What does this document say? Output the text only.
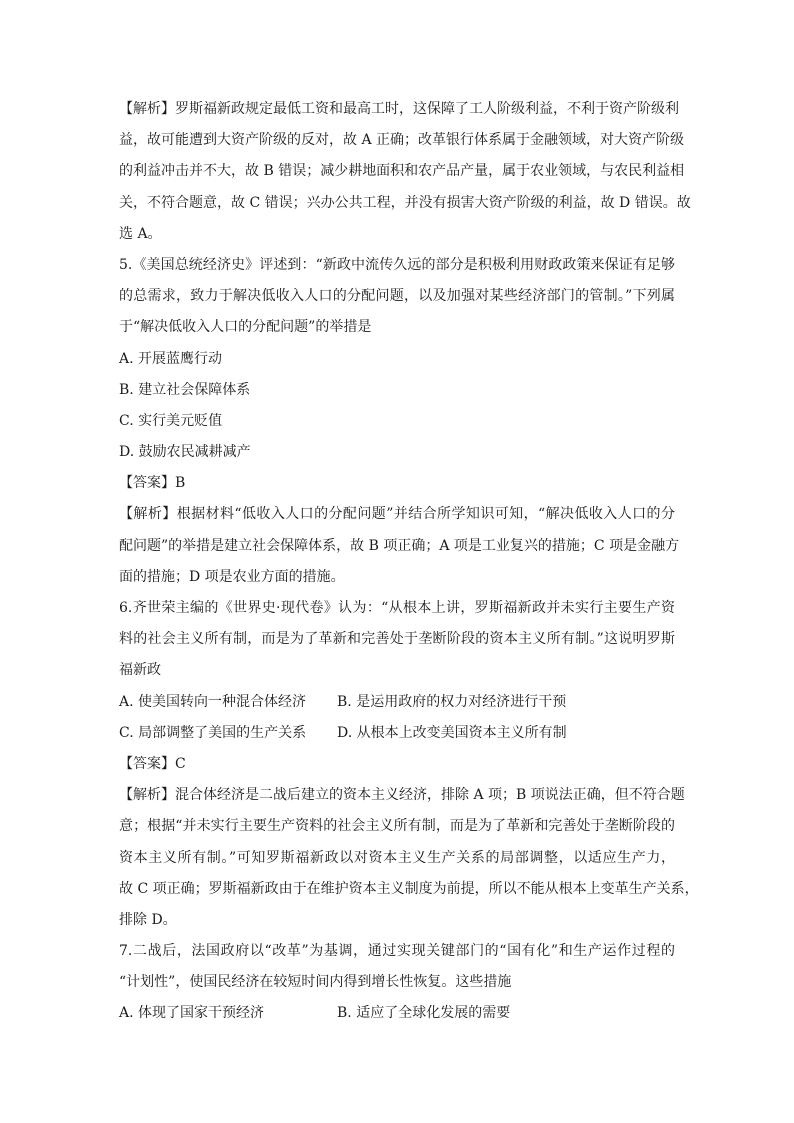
【解析】罗斯福新政规定最低工资和最高工时，这保障了工人阶级利益，不利于资产阶级利
益，故可能遭到大资产阶级的反对，故 A 正确；改革银行体系属于金融领域，对大资产阶级
的利益冲击并不大，故 B 错误；减少耕地面积和农产品产量，属于农业领域，与农民利益相
关，不符合题意，故 C 错误；兴办公共工程，并没有损害大资产阶级的利益，故 D 错误。故
选 A。
5.《美国总统经济史》评述到：“新政中流传久远的部分是积极利用财政政策来保证有足够
的总需求，致力于解决低收入人口的分配问题，以及加强对某些经济部门的管制。”下列属
于“解决低收入人口的分配问题”的举措是
A. 开展蓝鹰行动
B. 建立社会保障体系
C. 实行美元贬值
D. 鼓励农民减耕减产
【答案】B
【解析】根据材料“低收入人口的分配问题”并结合所学知识可知，“解决低收入人口的分
配问题”的举措是建立社会保障体系，故 B 项正确；A 项是工业复兴的措施；C 项是金融方
面的措施；D 项是农业方面的措施。
6.齐世荣主编的《世界史·现代卷》认为：“从根本上讲，罗斯福新政并未实行主要生产资
料的社会主义所有制，而是为了革新和完善处于垄断阶段的资本主义所有制。”这说明罗斯
福新政
A. 使美国转向一种混合体经济	B. 是运用政府的权力对经济进行干预
C. 局部调整了美国的生产关系	D. 从根本上改变美国资本主义所有制
【答案】C
【解析】混合体经济是二战后建立的资本主义经济，排除 A 项；B 项说法正确，但不符合题
意；根据“并未实行主要生产资料的社会主义所有制，而是为了革新和完善处于垄断阶段的
资本主义所有制。”可知罗斯福新政以对资本主义生产关系的局部调整，以适应生产力，
故 C 项正确；罗斯福新政由于在维护资本主义制度为前提，所以不能从根本上变革生产关系，
排除 D。
7.二战后，法国政府以“改革”为基调，通过实现关键部门的“国有化”和生产运作过程的
“计划性”，使国民经济在较短时间内得到增长性恢复。这些措施
A. 体现了国家干预经济	B. 适应了全球化发展的需要
